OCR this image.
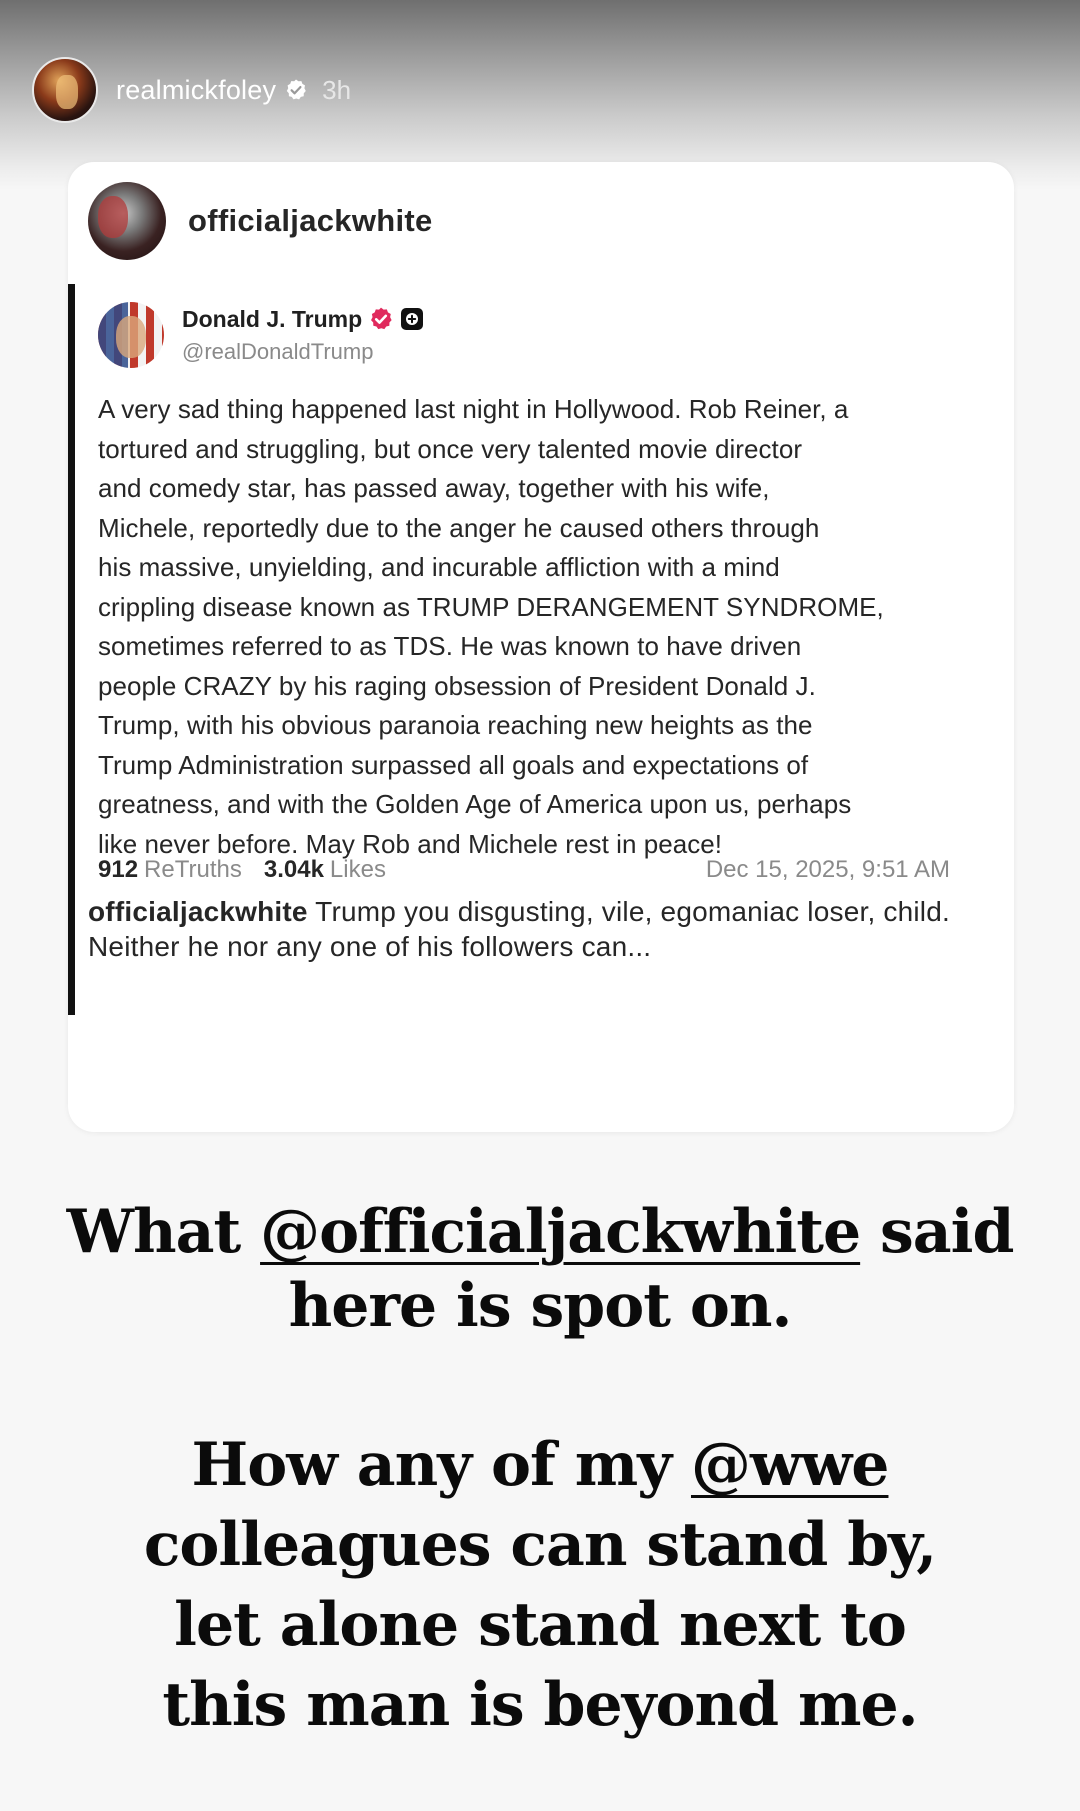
realmickfoley 3h
officialjackwhite
Donald J. Trump
@realDonaldTrump

A very sad thing happened last night in Hollywood. Rob Reiner, a
tortured and struggling, but once very talented movie director
and comedy star, has passed away, together with his wife,
Michele, reportedly due to the anger he caused others through
his massive, unyielding, and incurable affliction with a mind
crippling disease known as TRUMP DERANGEMENT SYNDROME,
sometimes referred to as TDS. He was known to have driven
people CRAZY by his raging obsession of President Donald J.
Trump, with his obvious paranoia reaching new heights as the
Trump Administration surpassed all goals and expectations of
greatness, and with the Golden Age of America upon us, perhaps
like never before. May Rob and Michele rest in peace!

912 ReTruths 3.04k Likes	Dec 15, 2025, 9:51 AM

officialjackwhite Trump you disgusting, vile, egomaniac loser, child. Neither he nor any one of his followers can...

What @officialjackwhite said
here is spot on.
How any of my @wwe
colleagues can stand by,
let alone stand next to
this man is beyond me.
